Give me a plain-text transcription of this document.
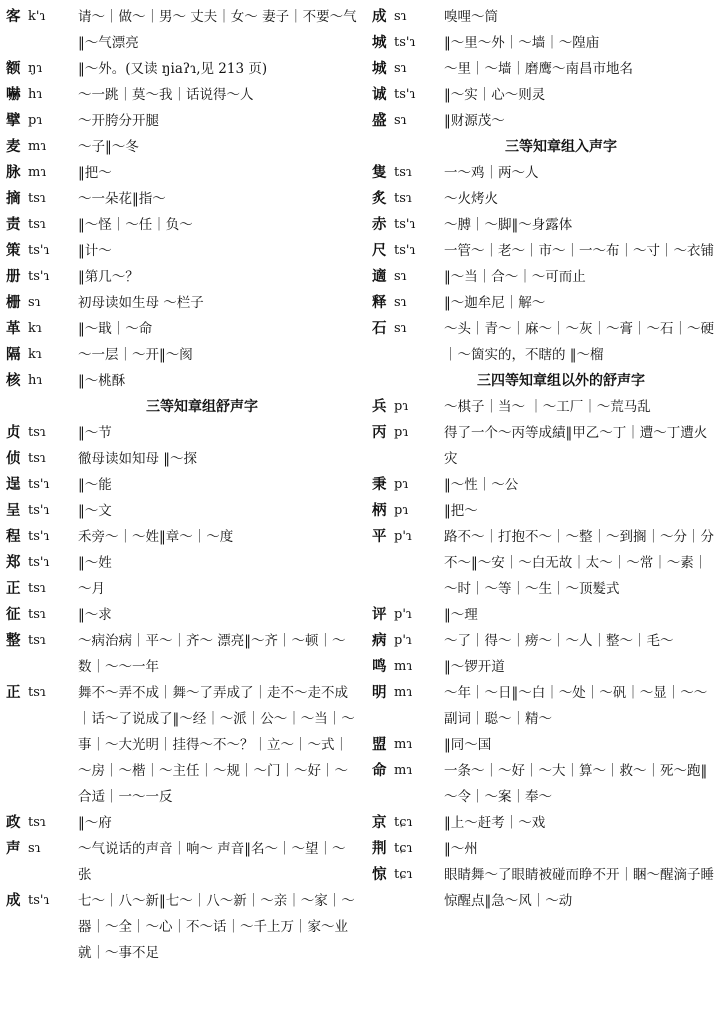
客 k'ɿ 请～｜做～｜男～ 丈夫｜女～ 妻子｜不要～气‖～气漂亮
额 ŋɿ	‖～外。(又读 ŋiaʔɿ,见 213 页)
嚇 hɿ	～一跳｜莫～我｜话说得～人
擘 pɿ	～开胯分开腿
麦 mɿ ～子‖～冬
脉 mɿ ‖把～
摘 tsɿ ～一朵花‖指～
责 tsɿ ‖～怪｜～任｜负～
策 ts'ɿ ‖计～
册 ts'ɿ ‖第几～？
栅 sɿ	初母读如生母 ～栏子
革 kɿ	‖～戢｜～命
隔 kɿ	～一层｜～开‖～阂
核 hɿ	‖～桃酥
三等知章组舒声字
贞 tsɿ ‖～节
侦 tsɿ 徹母读如知母 ‖～探
逞 ts'ɿ ‖～能
呈 ts'ɿ ‖～文
程 ts'ɿ 禾旁～｜～姓‖章～｜～度
郑 ts'ɿ ‖～姓
正 tsɿ ～月
征 tsɿ ‖～求
整 tsɿ ～病治病｜平～｜齐～ 漂亮‖～齐｜～顿｜～数｜～～一年
正 tsɿ 舞不～弄不成｜舞～了弄成了｜走不～走不成｜话～了说成了‖～经｜～派｜公～｜～当｜～事｜～大光明｜挂得～不～？｜立～｜～式｜～房｜～楷｜～主任｜～规｜～门｜～好｜～合适｜一～一反
政 tsɿ ‖～府
声 sɿ	～气说话的声音｜响～ 声音‖名～｜～望｜～张
成 ts'ɿ 七～｜八～新‖七～｜八～新｜～亲｜～家｜～器｜～全｜～心｜不～话｜～千上万｜家～业就｜～事不足
成 sɿ	嗅哩～筒
城 ts'ɿ ‖～里～外｜～墙｜～隍庙
城 sɿ	～里｜～墙｜磨鹰～南昌市地名
诚 ts'ɿ ‖～实｜心～则灵
盛 sɿ	‖财源茂～
三等知章组入声字
隻 tsɿ 一～鸡｜两～人
炙 tsɿ ～火烤火
赤 ts'ɿ ～膊｜～脚‖～身露体
尺 ts'ɿ 一管～｜老～｜市～｜一～布｜～寸｜～衣铺
適 sɿ	‖～当｜合～｜～可而止
释 sɿ	‖～迦牟尼｜解～
石 sɿ	～头｜青～｜麻～｜～灰｜～膏｜～石｜～硬｜～箇实的，不瞎的 ‖～榴
三四等知章组以外的舒声字
兵 pɿ	～棋子｜当～ ｜～工厂｜～荒马乱
丙 pɿ	得了一个～丙等成績‖甲乙～丁｜遭～丁遭火灾
秉 pɿ	‖～性｜～公
柄 pɿ	‖把～
平 p'ɿ 路不～｜打抱不～｜～整｜～到搁｜～分｜分不～‖～安｜～白无故｜太～｜～常｜～素｜～时｜～等｜～生｜～顶髮式
评 p'ɿ ‖～理
病 p'ɿ ～了｜得～｜痨～｜～人｜整～｜毛～
鸣 mɿ ‖～锣开道
明 mɿ ～年｜～日‖～白｜～处｜～矾｜～显｜～～副词｜聪～｜精～
盟 mɿ ‖同～国
命 mɿ 一条～｜～好｜～大｜算～｜救～｜死～跑‖～令｜～案｜奉～
京 tɕɿ ‖上～赶考｜～戏
荆 tɕɿ ‖～州
惊 tɕɿ 眼睛舞～了眼睛被碰而睁不开｜睏～醒滴子睡惊醒点‖急～风｜～动
